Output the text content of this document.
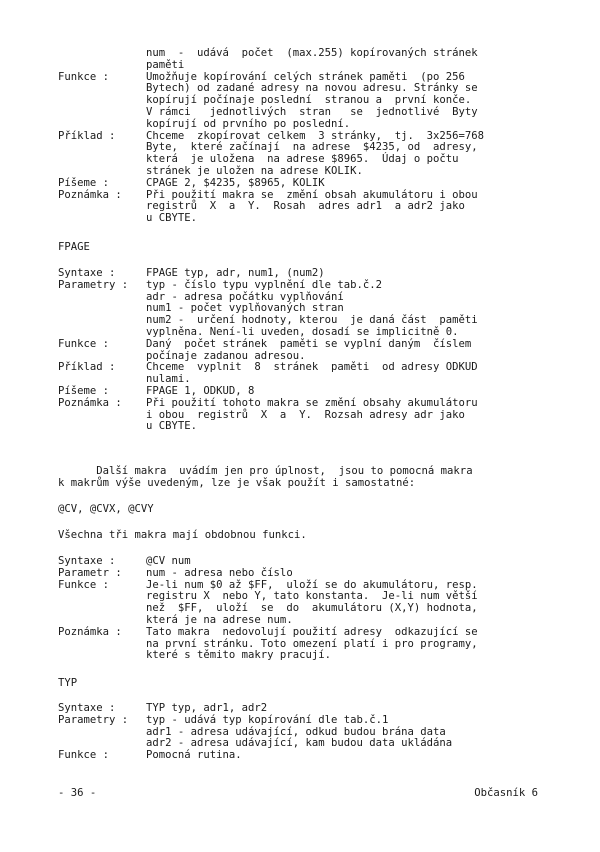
num  -  udává  počet  (max.255) kopírovaných stránek
paměti
Funkce :	Umožňuje kopírování celých stránek paměti  (po 256
Bytech) od zadané adresy na novou adresu. Stránky se
kopírují počínaje poslední  stranou a  první konče.
V rámci   jednotlivých  stran   se  jednotlivé  Byty
kopírují od prvního po poslední.
Příklad :	Chceme  zkopírovat celkem  3 stránky,  tj.  3x256=768
Byte,  které začínají  na adrese  $4235, od  adresy,
která  je uložena  na adrese $8965.  Údaj o počtu
stránek je uložen na adrese KOLIK.
Píšeme :	CPAGE 2, $4235, $8965, KOLIK
Poznámka :	Při použití makra se  změní obsah akumulátoru i obou
registrů  X  a  Y.  Rosah  adres adr1  a adr2 jako
u CBYTE.
FPAGE
Syntaxe :	FPAGE typ, adr, num1, (num2)
Parametry :	typ - číslo typu vyplnění dle tab.č.2
adr - adresa počátku vyplňování
num1 - počet vyplňovaných stran
num2 -  určení hodnoty, kterou  je daná část  paměti
vyplněna. Není-li uveden, dosadí se implicitně 0.
Funkce :	Daný  počet stránek  paměti se vyplní daným  číslem
počínaje zadanou adresou.
Příklad :	Chceme  vyplnit  8  stránek  paměti  od adresy ODKUD
nulami.
Píšeme :	FPAGE 1, ODKUD, 8
Poznámka :	Při použití tohoto makra se změní obsahy akumulátoru
i obou  registrů  X  a  Y.  Rozsah adresy adr jako
u CBYTE.
Další makra  uvádím jen pro úplnost,  jsou to pomocná makra
k makrům výše uvedeným, lze je však použít i samostatné:
@CV, @CVX, @CVY
Všechna tři makra mají obdobnou funkci.
Syntaxe :	@CV num
Parametr :	num - adresa nebo číslo
Funkce :	Je-li num $0 až $FF,  uloží se do akumulátoru, resp.
registru X  nebo Y, tato konstanta.  Je-li num větší
než  $FF,  uloží  se  do  akumulátoru (X,Y) hodnota,
která je na adrese num.
Poznámka :	Tato makra  nedovolují použití adresy  odkazující se
na první stránku. Toto omezení platí i pro programy,
které s těmito makry pracují.
TYP
Syntaxe :	TYP typ, adr1, adr2
Parametry :	typ - udává typ kopírování dle tab.č.1
adr1 - adresa udávající, odkud budou brána data
adr2 - adresa udávající, kam budou data ukládána
Funkce :	Pomocná rutina.
- 36 -	Občasník 6
